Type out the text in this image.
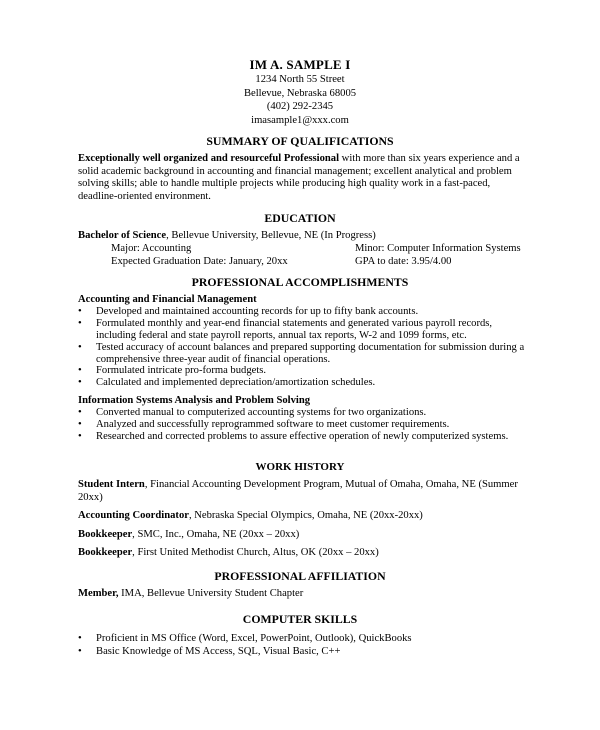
IM A. SAMPLE I
1234 North 55 Street
Bellevue, Nebraska 68005
(402) 292-2345
imasample1@xxx.com
SUMMARY OF QUALIFICATIONS
Exceptionally well organized and resourceful Professional with more than six years experience and a solid academic background in accounting and financial management; excellent analytical and problem solving skills; able to handle multiple projects while producing high quality work in a fast-paced, deadline-oriented environment.
EDUCATION
Bachelor of Science, Bellevue University, Bellevue, NE (In Progress)
Major: Accounting	Minor: Computer Information Systems
Expected Graduation Date: January, 20xx	GPA to date: 3.95/4.00
PROFESSIONAL ACCOMPLISHMENTS
Accounting and Financial Management
• Developed and maintained accounting records for up to fifty bank accounts.
• Formulated monthly and year-end financial statements and generated various payroll records, including federal and state payroll reports, annual tax reports, W-2 and 1099 forms, etc.
• Tested accuracy of account balances and prepared supporting documentation for submission during a comprehensive three-year audit of financial operations.
• Formulated intricate pro-forma budgets.
• Calculated and implemented depreciation/amortization schedules.
Information Systems Analysis and Problem Solving
• Converted manual to computerized accounting systems for two organizations.
• Analyzed and successfully reprogrammed software to meet customer requirements.
• Researched and corrected problems to assure effective operation of newly computerized systems.
WORK HISTORY
Student Intern, Financial Accounting Development Program, Mutual of Omaha, Omaha, NE (Summer 20xx)
Accounting Coordinator, Nebraska Special Olympics, Omaha, NE (20xx-20xx)
Bookkeeper, SMC, Inc., Omaha, NE (20xx – 20xx)
Bookkeeper, First United Methodist Church, Altus, OK (20xx – 20xx)
PROFESSIONAL AFFILIATION
Member, IMA, Bellevue University Student Chapter
COMPUTER SKILLS
• Proficient in MS Office (Word, Excel, PowerPoint, Outlook), QuickBooks
• Basic Knowledge of MS Access, SQL, Visual Basic, C++
